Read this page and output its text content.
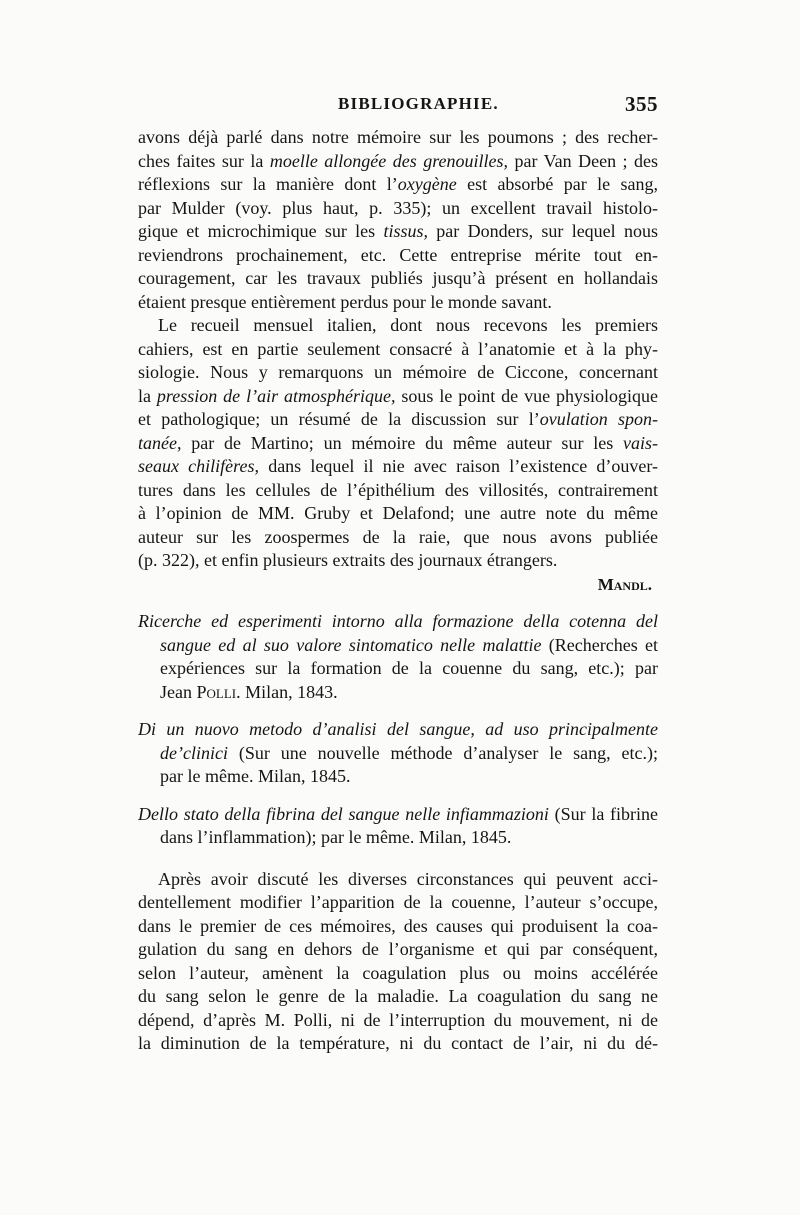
BIBLIOGRAPHIE.	355
avons déjà parlé dans notre mémoire sur les poumons ; des recher-
ches faites sur la moelle allongée des grenouilles, par Van Deen ; des
réflexions sur la manière dont l’oxygène est absorbé par le sang,
par Mulder (voy. plus haut, p. 335); un excellent travail histolo-
gique et microchimique sur les tissus, par Donders, sur lequel nous
reviendrons prochainement, etc. Cette entreprise mérite tout en-
couragement, car les travaux publiés jusqu’à présent en hollandais
étaient presque entièrement perdus pour le monde savant.
Le recueil mensuel italien, dont nous recevons les premiers
cahiers, est en partie seulement consacré à l’anatomie et à la phy-
siologie. Nous y remarquons un mémoire de Ciccone, concernant
la pression de l’air atmosphérique, sous le point de vue physiologique
et pathologique; un résumé de la discussion sur l’ovulation spon-
tanée, par de Martino; un mémoire du même auteur sur les vais-
seaux chilifères, dans lequel il nie avec raison l’existence d’ouver-
tures dans les cellules de l’épithélium des villosités, contrairement
à l’opinion de MM. Gruby et Delafond; une autre note du même
auteur sur les zoospermes de la raie, que nous avons publiée
(p. 322), et enfin plusieurs extraits des journaux étrangers.
Mandl.
Ricerche ed esperimenti intorno alla formazione della cotenna del
sangue ed al suo valore sintomatico nelle malattie (Recherches et
expériences sur la formation de la couenne du sang, etc.); par
Jean Polli. Milan, 1843.
Di un nuovo metodo d’analisi del sangue, ad uso principalmente
de’clinici (Sur une nouvelle méthode d’analyser le sang, etc.);
par le même. Milan, 1845.
Dello stato della fibrina del sangue nelle infiammazioni (Sur la fibrine
dans l’inflammation); par le même. Milan, 1845.
Après avoir discuté les diverses circonstances qui peuvent acci-
dentellement modifier l’apparition de la couenne, l’auteur s’occupe,
dans le premier de ces mémoires, des causes qui produisent la coa-
gulation du sang en dehors de l’organisme et qui par conséquent,
selon l’auteur, amènent la coagulation plus ou moins accélérée
du sang selon le genre de la maladie. La coagulation du sang ne
dépend, d’après M. Polli, ni de l’interruption du mouvement, ni de
la diminution de la température, ni du contact de l’air, ni du dé-
